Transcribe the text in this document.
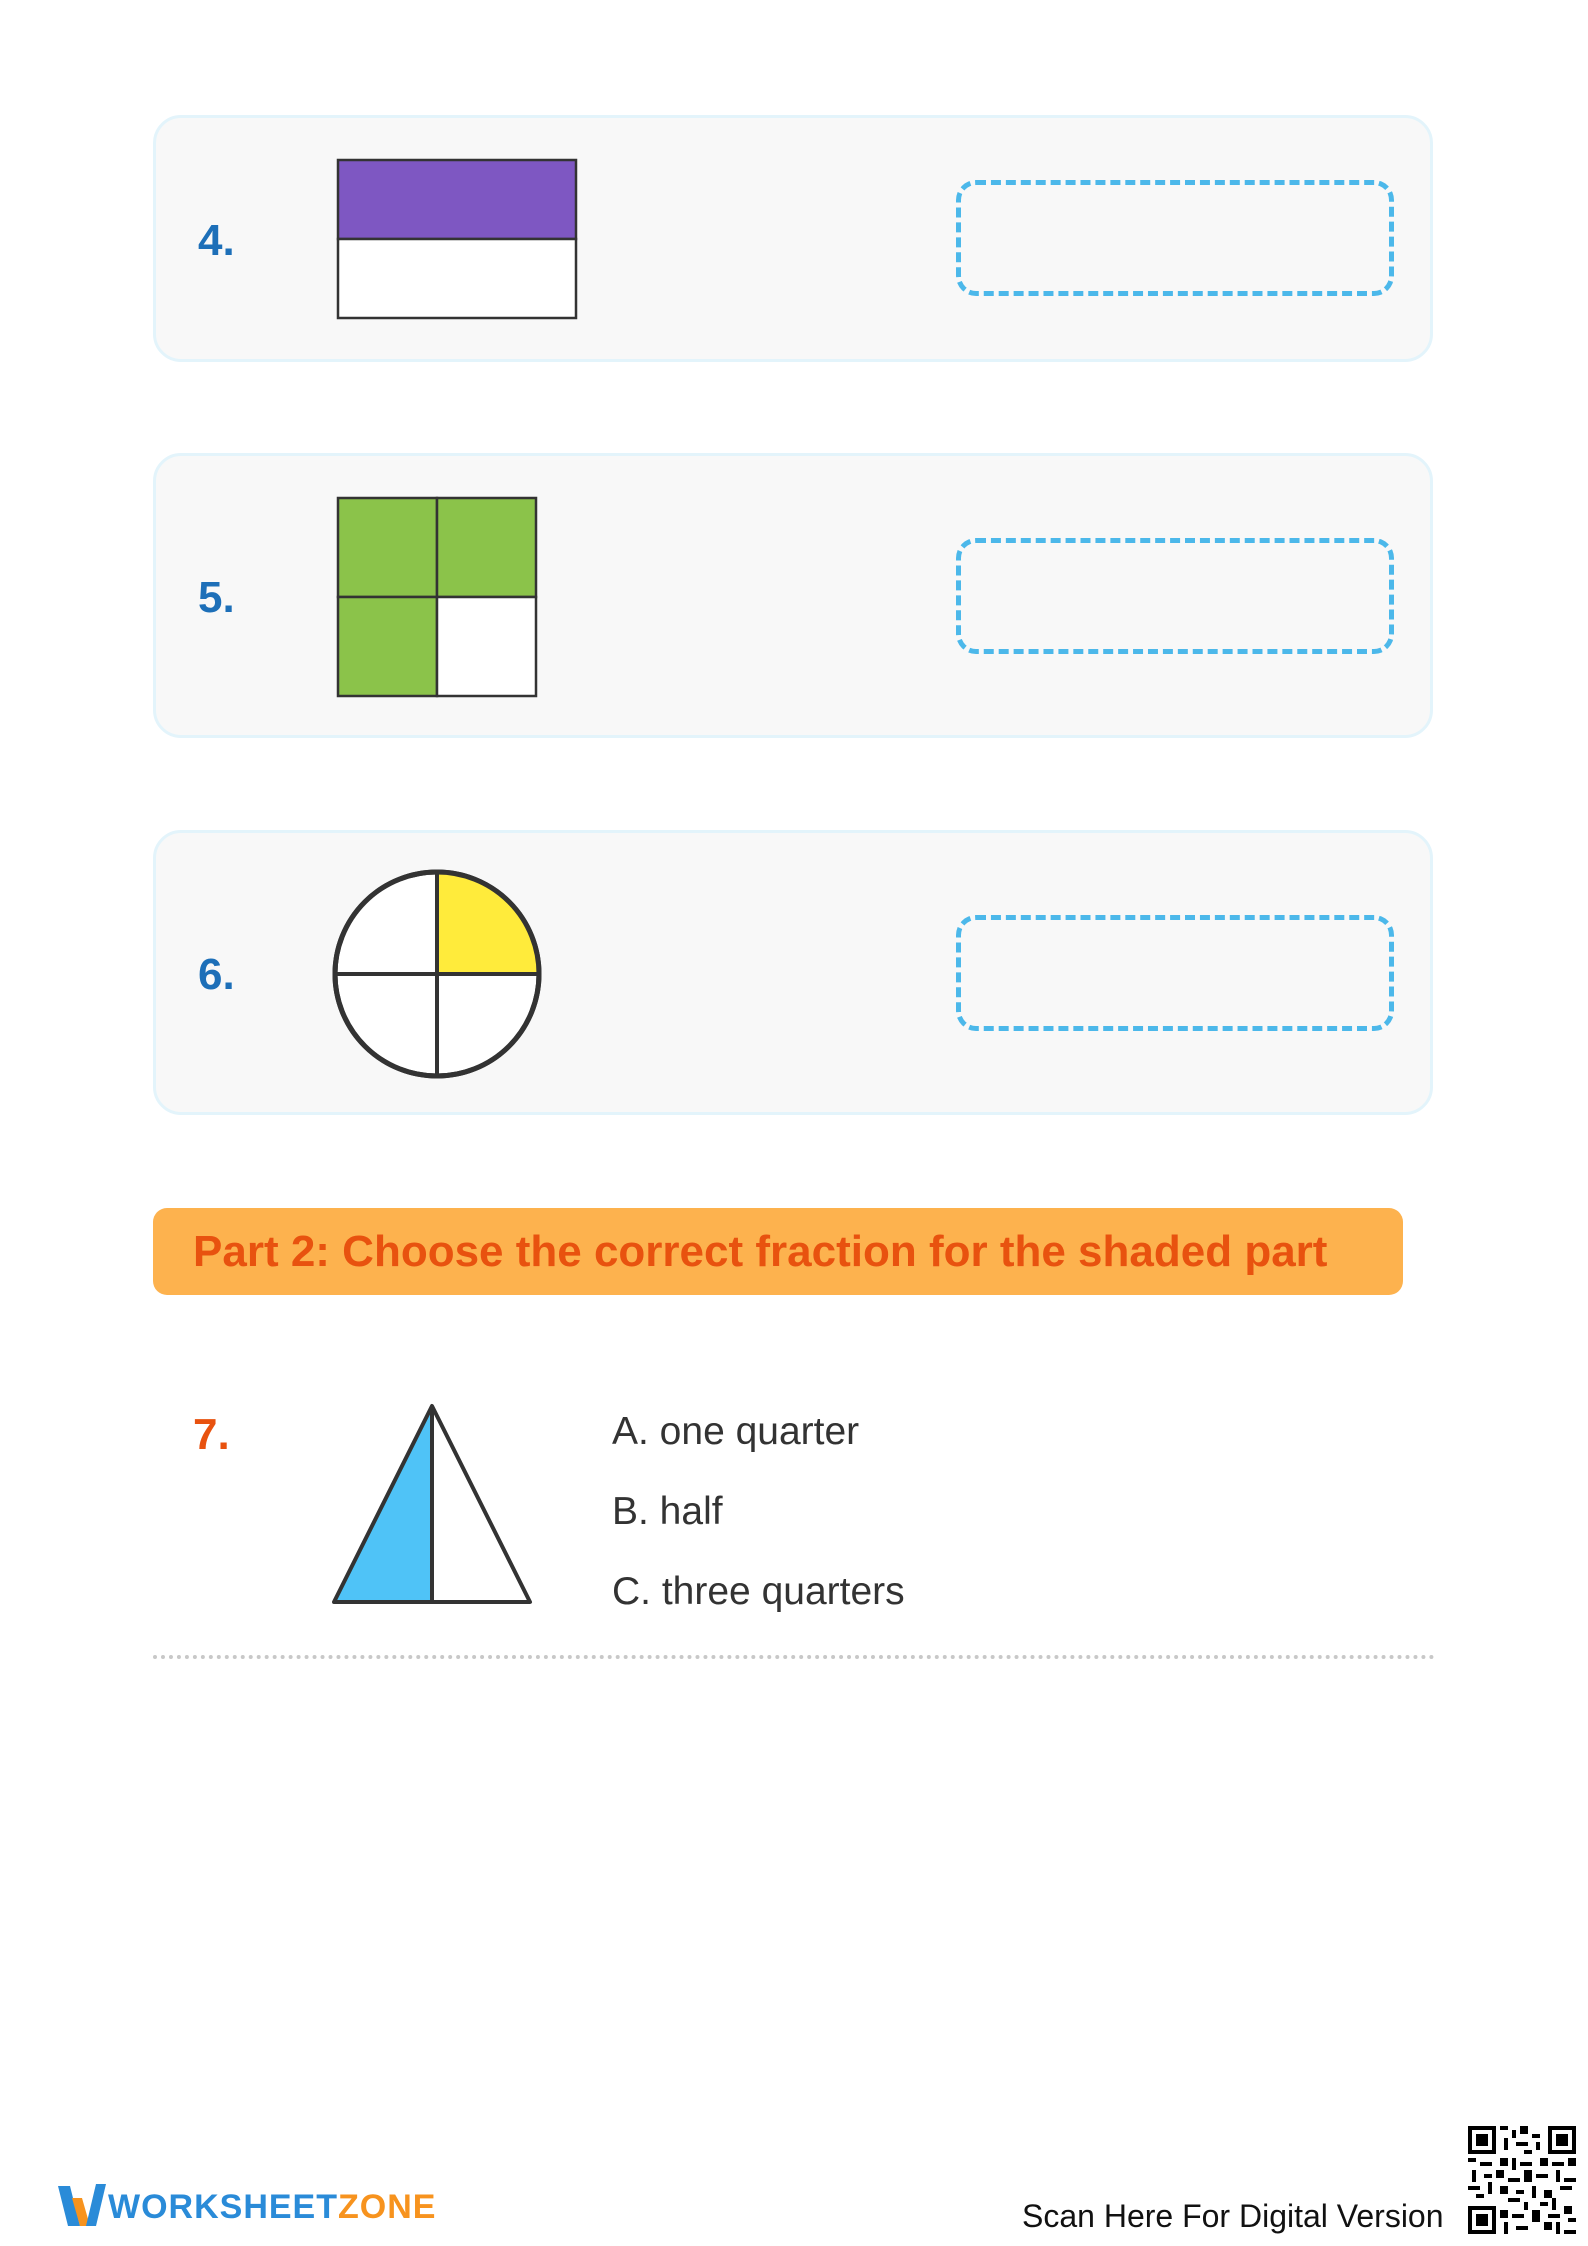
4.
5.
6.
Part 2: Choose the correct fraction for the shaded part
7.	A. one quarter
B. half
C. three quarters
WORKSHEETZONE	Scan Here For Digital Version
